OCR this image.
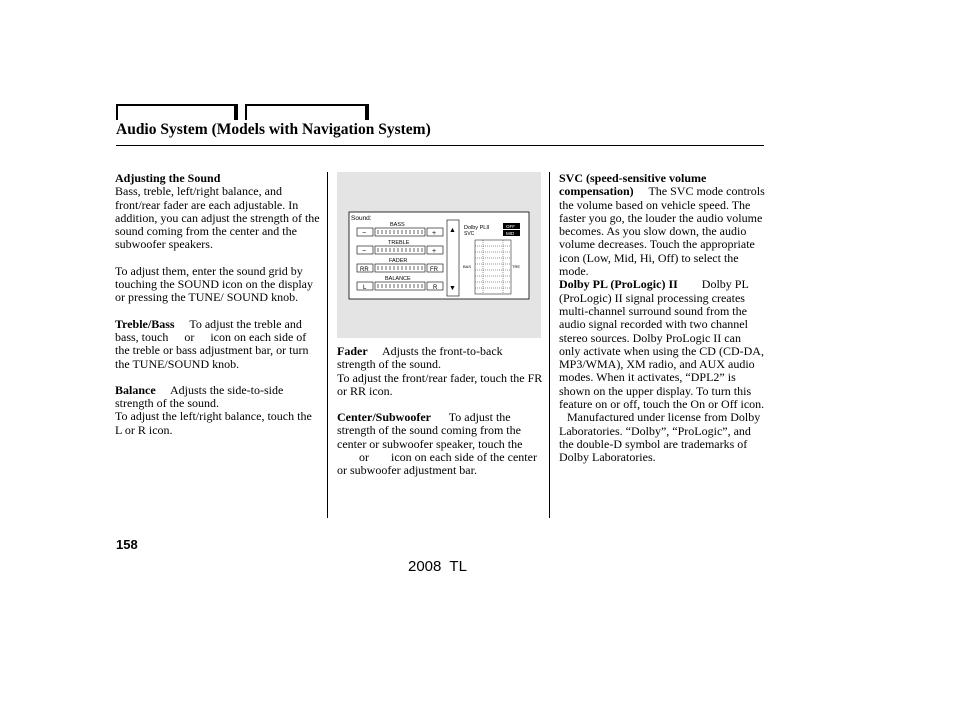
Audio System (Models with Navigation System)

Adjusting the Sound

Bass, treble, left/right balance, and front/rear fader are each adjustable. In addition, you can adjust the strength of the sound coming from the center and the subwoofer speakers.

To adjust them, enter the sound grid by touching the SOUND icon on the display or pressing the TUNE/ SOUND knob.

Treble/Bass To adjust the treble and bass, touch or icon on each side of the treble or bass adjustment bar, or turn the TUNE/SOUND knob.

Balance Adjusts the side-to-side strength of the sound.

To adjust the left/right balance, touch the L or R icon.

Sound:
BASS
−	+
TREBLE
−	+
FADER
RR	FR
BALANCE
L	R
▲
▼
Dolby PLII
SVC
OFF
MID
BAS	TRE

Fader Adjusts the front-to-back strength of the sound.

To adjust the front/rear fader, touch the FR or RR icon.

Center/Subwoofer To adjust the strength of the sound coming from the center or subwoofer speaker, touch theor icon on each side of the center or subwoofer adjustment bar.

SVC (speed-sensitive volume compensation) The SVC mode controls the volume based on vehicle speed. The faster you go, the louder the audio volume becomes. As you slow down, the audio volume decreases. Touch the appropriate icon (Low, Mid, Hi, Off) to select the mode.

Dolby PL (ProLogic) II Dolby PL (ProLogic) II signal processing creates multi-channel surround sound from the audio signal recorded with two channel stereo sources. Dolby ProLogic II can only activate when using the CD (CD-DA, MP3/WMA), XM radio, and AUX audio modes. When it activates, “DPL2” is shown on the upper display. To turn this feature on or off, touch the On or Off icon.

Manufactured under license from Dolby Laboratories. “Dolby”, “ProLogic”, and the double-D symbol are trademarks of Dolby Laboratories.

158
2008  TL
